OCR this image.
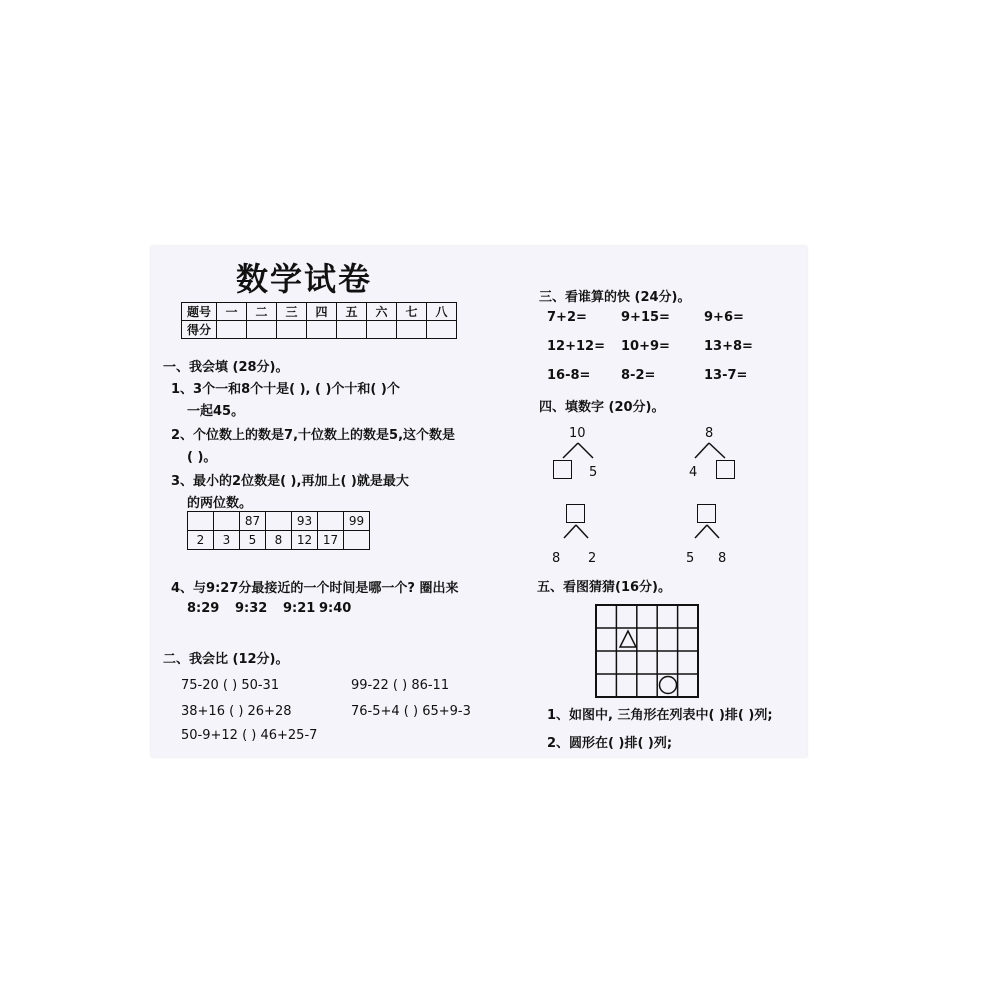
数学试卷
题号	一	二	三	四	五	六	七	八
得分								
一、我会填 (28分)。
1、3个一和8个十是( ), ( )个十和( )个
一起45。
2、个位数上的数是7,十位数上的数是5,这个数是
( )。
3、最小的2位数是( ),再加上( )就是最大
的两位数。
		87		93		99
2	3	5	8	12	17	
4、与9:27分最接近的一个时间是哪一个? 圈出来
8:29 9:32 9:21 9:40
二、我会比 (12分)。
75-20 ( ) 50-31	99-22 ( ) 86-11
38+16 ( ) 26+28	76-5+4 ( ) 65+9-3
50-9+12 ( ) 46+25-7
三、看谁算的快 (24分)。
7+2=	9+15=	9+6=
12+12= 10+9=	13+8=
16-8= 8-2=	13-7=
四、填数字 (20分)。
10
5
8
4
8 2	5 8
五、看图猜猜(16分)。
1、如图中, 三角形在列表中( )排( )列;
2、圆形在( )排( )列;
